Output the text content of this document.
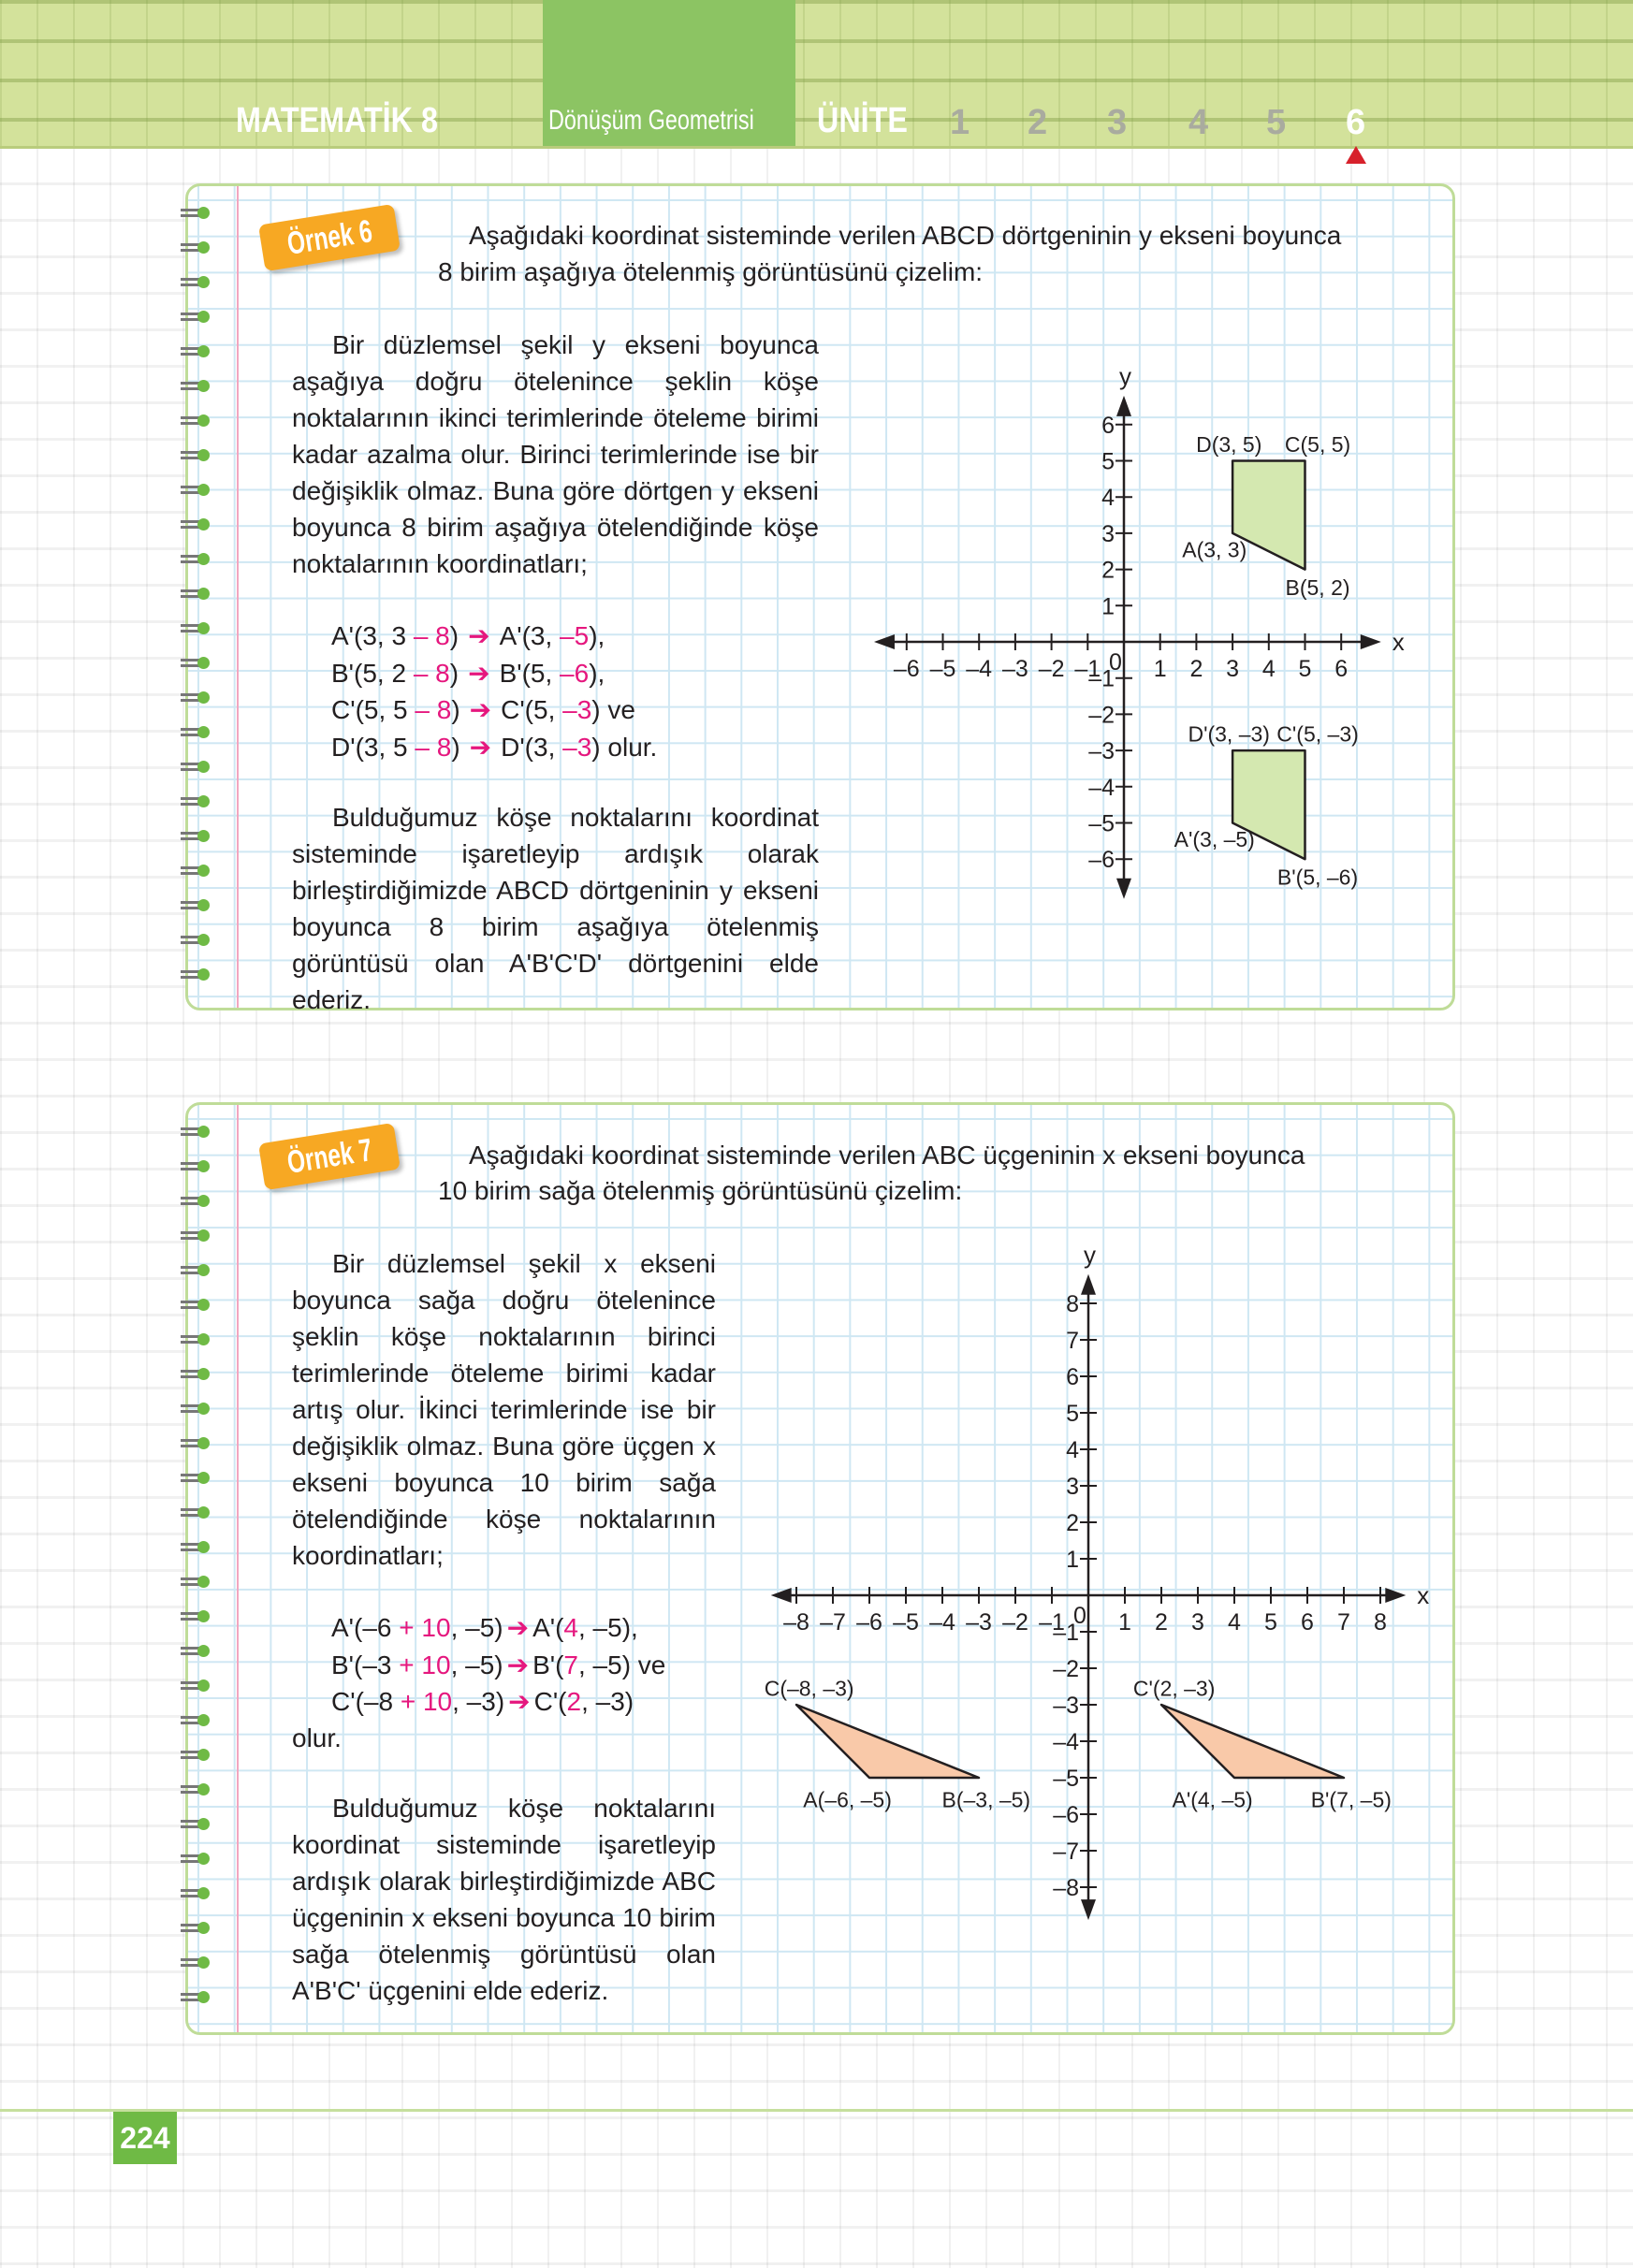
MATEMATİK 8	Dönüşüm Geometrisi ÜNİTE 1 2 3 4 5 6
Örnek 6	Aşağıdaki koordinat sisteminde verilen ABCD dörtgeninin y ekseni boyunca
8 birim aşağıya ötelenmiş görüntüsünü çizelim:

Bir düzlemsel şekil y ekseni boyunca aşağıya doğru ötelenince şeklin köşe noktalarının ikinci terimlerinde öteleme birimi kadar azalma olur. Birinci terimlerinde ise bir değişiklik olmaz. Buna göre dörtgen y ekseni boyunca 8 birim aşağıya ötelendiğinde köşe noktalarının koordinatları;

A'(3, 3 – 8) ➔ A'(3, –5),
B'(5, 2 – 8) ➔ B'(5, –6),
C'(5, 5 – 8) ➔ C'(5, –3) ve
D'(3, 5 – 8) ➔ D'(3, –3) olur.

Bulduğumuz köşe noktalarını koordinat sisteminde işaretleyip ardışık olarak birleştirdiğimizde ABCD dörtgeninin y ekseni boyunca 8 birim aşağıya ötelenmiş görüntüsü olan A'B'C'D' dörtgenini elde ederiz.

Örnek 7	Aşağıdaki koordinat sisteminde verilen ABC üçgeninin x ekseni boyunca
10 birim sağa ötelenmiş görüntüsünü çizelim:

Bir düzlemsel şekil x ekseni boyunca sağa doğru ötelenince şeklin köşe noktalarının birinci terimlerinde öteleme birimi kadar artış olur. İkinci terimlerinde ise bir değişiklik olmaz. Buna göre üçgen x ekseni boyunca 10 birim sağa ötelendiğinde köşe noktalarının koordinatları;

A'(–6 + 10, –5) ➔ A'(4, –5),
B'(–3 + 10, –5) ➔ B'(7, –5) ve
C'(–8 + 10, –3) ➔ C'(2, –3)
olur.

Bulduğumuz köşe noktalarını koordinat sisteminde işaretleyip ardışık olarak birleştirdiğimizde ABC üçgeninin x ekseni boyunca 10 birim sağa ötelenmiş görüntüsü olan A'B'C' üçgenini elde ederiz.

A(3, 3)
B(5, 2)
C(5, 5)
D(3, 5)
A'(3, –5)
B'(5, –6)
C'(5, –3)
D'(3, –3)
x
y
0
–6 –5 –4 –3 –2 –1 1 2 3 4 5 6
–6
–5
–4
–3
–2
–1
1
2
3
4
5
6
A(–6, –5) B(–3, –5)
C(–8, –3)
A'(4, –5)	B'(7, –5)
C'(2, –3)
x
y
0
–8 –7 –6 –5 –4 –3 –2 –1 1 2 3 4 5 6 7 8
–8
–7
–6
–5
–4
–3
–2
–1
1
2
3
4
5
6
7
8
224
